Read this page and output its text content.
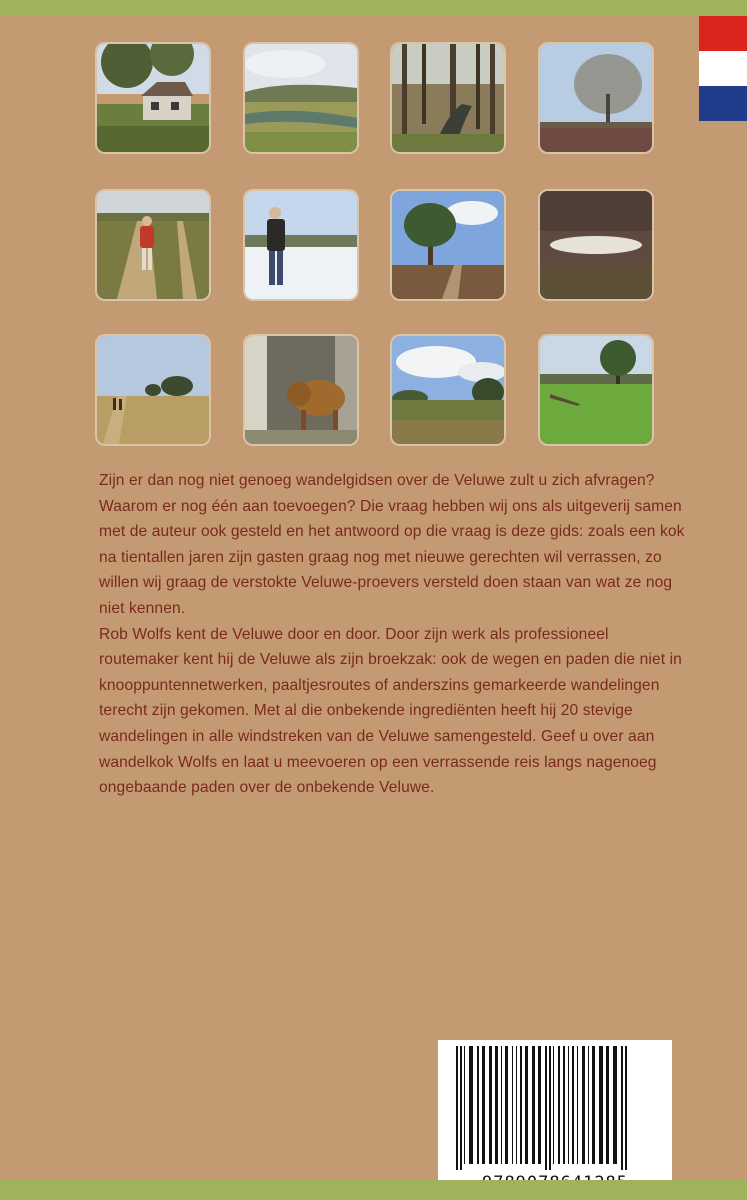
Zijn er dan nog niet genoeg wandelgidsen over de Veluwe zult u zich afvragen? Waarom er nog één aan toevoegen? Die vraag hebben wij ons als uitgeverij samen met de auteur ook gesteld en het antwoord op die vraag is deze gids: zoals een kok na tientallen jaren zijn gasten graag nog met nieuwe gerechten wil verrassen, zo willen wij graag de verstokte Veluwe-proevers versteld doen staan van wat ze nog niet kennen.

Rob Wolfs kent de Veluwe door en door. Door zijn werk als professioneel routemaker kent hij de Veluwe als zijn broekzak: ook de wegen en paden die niet in knooppuntennetwerken, paaltjesroutes of anderszins gemarkeerde wandelingen terecht zijn gekomen. Met al die onbekende ingrediënten heeft hij 20 stevige wandelingen in alle windstreken van de Veluwe samengesteld. Geef u over aan wandelkok Wolfs en laat u meevoeren op een verrassende reis langs nagenoeg ongebaande paden over de onbekende Veluwe.
